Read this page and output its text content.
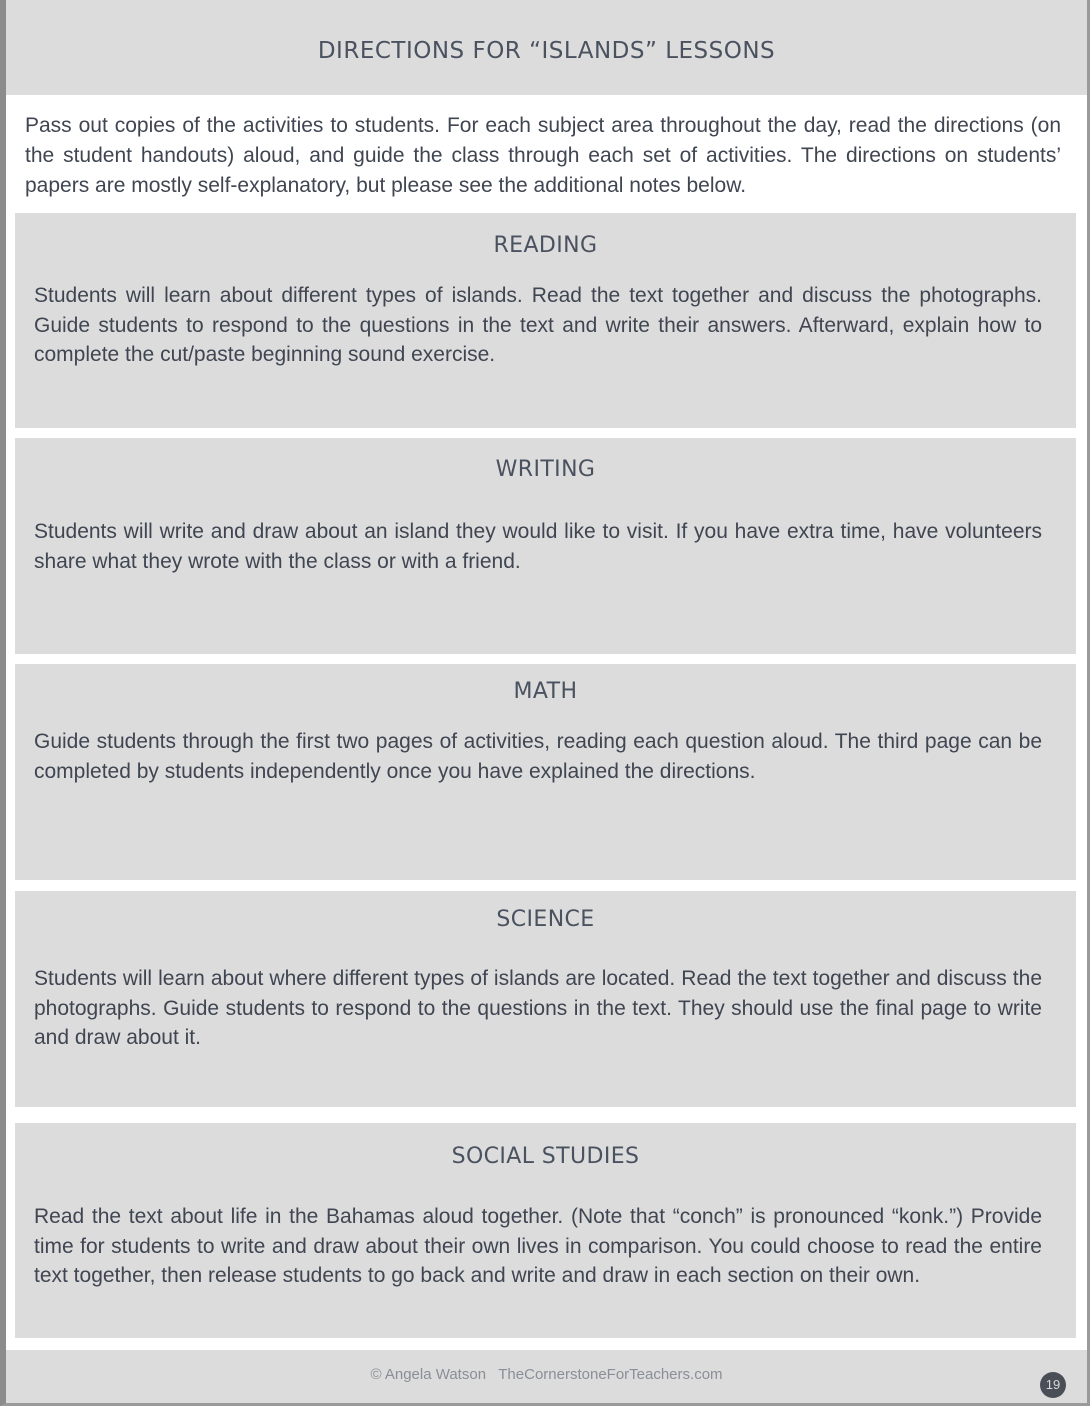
DIRECTIONS FOR “ISLANDS” LESSONS
Pass out copies of the activities to students. For each subject area throughout the day, read the directions (on the student handouts) aloud, and guide the class through each set of activities. The directions on students’ papers are mostly self-explanatory, but please see the additional notes below.
READING
Students will learn about different types of islands. Read the text together and discuss the photographs. Guide students to respond to the questions in the text and write their answers. Afterward, explain how to complete the cut/paste beginning sound exercise.
WRITING
Students will write and draw about an island they would like to visit. If you have extra time, have volunteers share what they wrote with the class or with a friend.
MATH
Guide students through the first two pages of activities, reading each question aloud. The third page can be completed by students independently once you have explained the directions.
SCIENCE
Students will learn about where different types of islands are located. Read the text together and discuss the photographs. Guide students to respond to the questions in the text. They should use the final page to write and draw about it.
SOCIAL STUDIES
Read the text about life in the Bahamas aloud together. (Note that “conch” is pronounced “konk.”) Provide time for students to write and draw about their own lives in comparison. You could choose to read the entire text together, then release students to go back and write and draw in each section on their own.
© Angela Watson TheCornerstoneForTeachers.com
19
